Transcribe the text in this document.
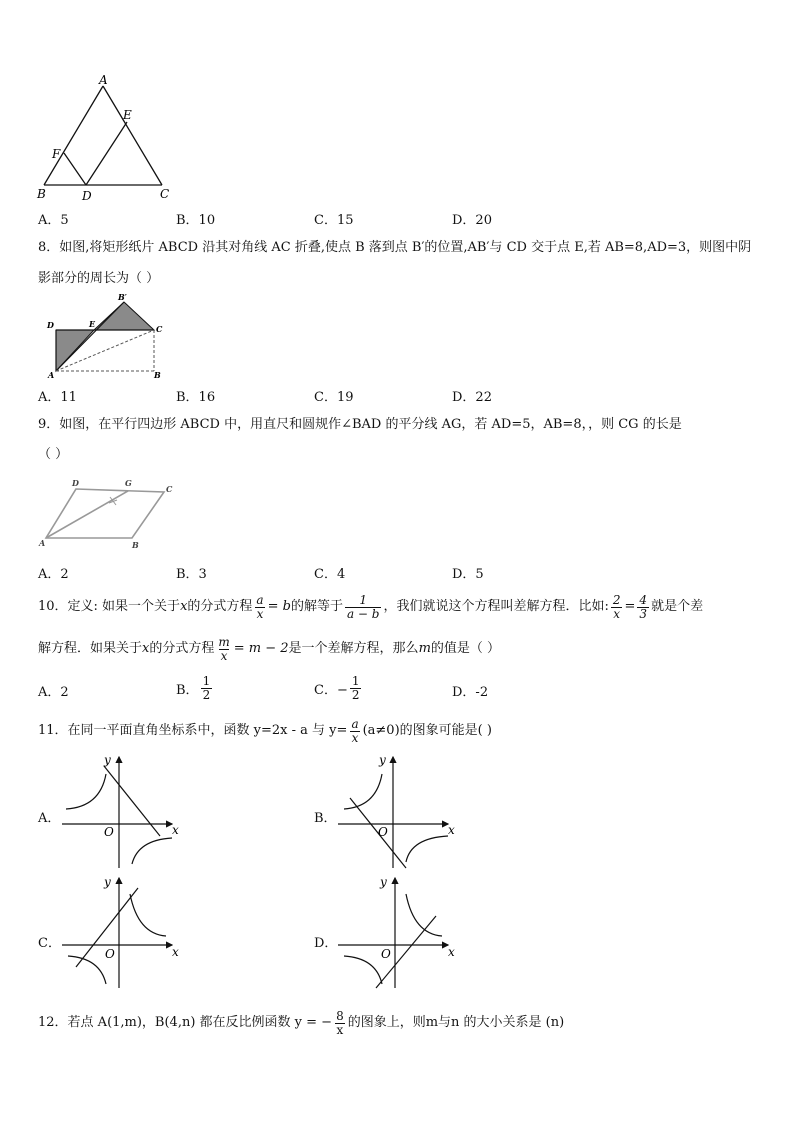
A
E
F
B	D	C
A．5	B．10	C．15	D．20
8．如图,将矩形纸片 ABCD 沿其对角线 AC 折叠,使点 B 落到点 B′的位置,AB′与 CD 交于点 E,若 AB=8,AD=3，则图中阴
影部分的周长为（ ）
D	E
B′
C
A	B
A．11	B．16	C．19	D．22
9．如图，在平行四边形 ABCD 中，用直尺和圆规作∠BAD 的平分线 AG，若 AD=5，AB=8，，则 CG 的长是
（ ）
D	G
C
A	B
A．2	B．3	C．4	D．5
10．定义: 如果一个关于 x 的分式方程 $\frac{a}{x} = b$ 的解等于 $\frac{1}{a - b}$ ，我们就说这个方程叫差解方程．比如: $\frac{2}{x} = \frac{4}{3}$ 就是个差
解方程．如果关于 x 的分式方程 $\frac{m}{x} = m - 2$ 是一个差解方程，那么 m 的值是（ ）
A．2	B． $\frac{1}{2}$	C．− $\frac{1}{2}$	D．-2
11．在同一平面直角坐标系中，函数 y=2x - a 与 $y= \frac{a}{x} (a\ne 0)$的图象可能是( )
A．
O	x
y
B．
O	x
y
C．
O	x
y
D．
O	x
y
12．若点 A(1,m)，B(4,n) 都在反比例函数 y = − $\frac{8}{x}$ 的图象上，则m与n 的大小关系是 (n)
